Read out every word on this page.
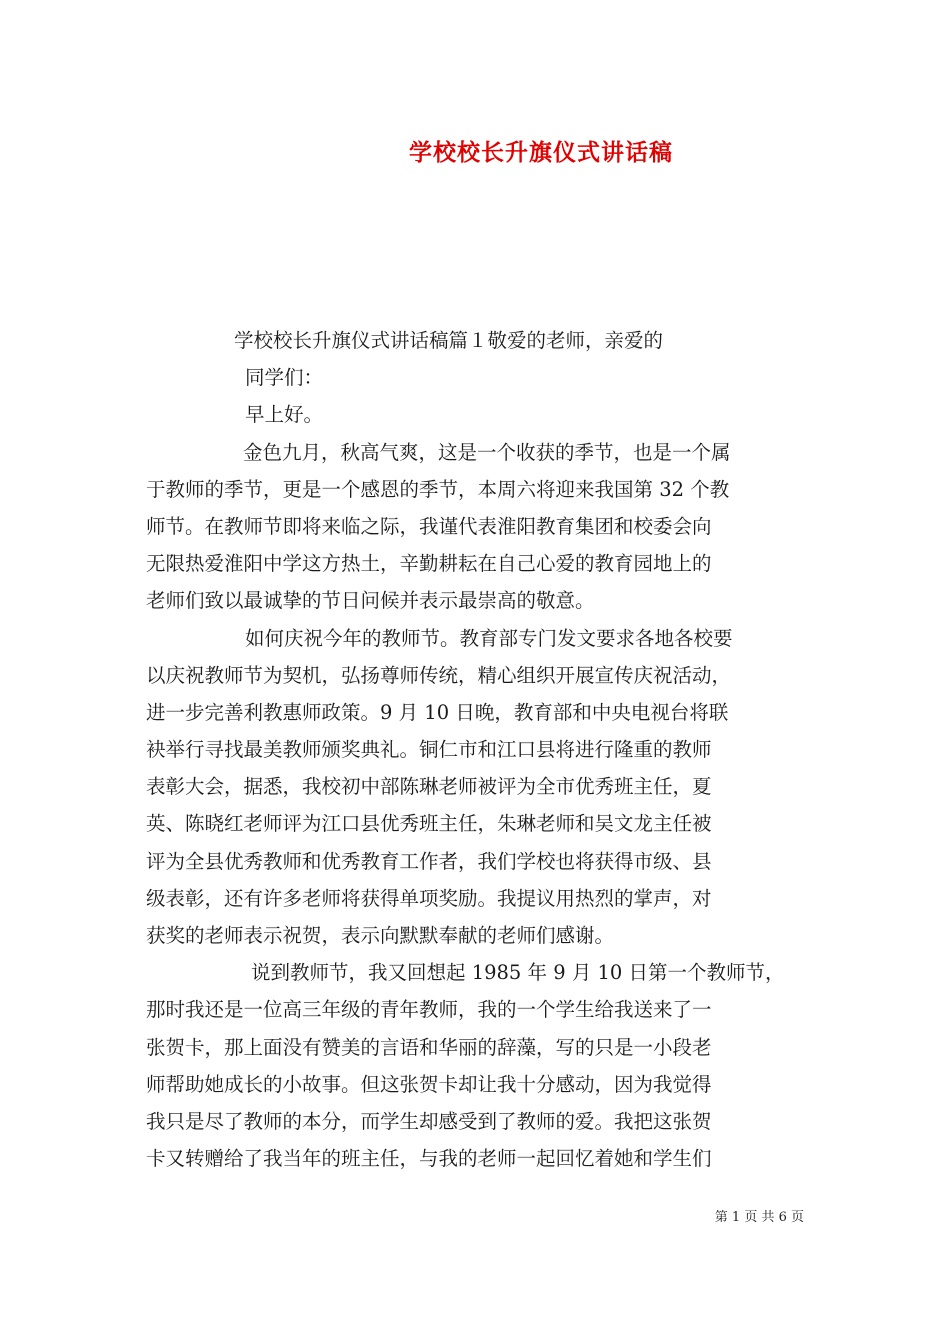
学校校长升旗仪式讲话稿
学校校长升旗仪式讲话稿篇１敬爱的老师，亲爱的
同学们：
早上好。
金色九月，秋高气爽，这是一个收获的季节，也是一个属
于教师的季节，更是一个感恩的季节，本周六将迎来我国第 32 个教
师节。在教师节即将来临之际，我谨代表淮阳教育集团和校委会向
无限热爱淮阳中学这方热土，辛勤耕耘在自己心爱的教育园地上的
老师们致以最诚挚的节日问候并表示最崇高的敬意。
如何庆祝今年的教师节。教育部专门发文要求各地各校要
以庆祝教师节为契机，弘扬尊师传统，精心组织开展宣传庆祝活动，
进一步完善利教惠师政策。9 月 10 日晚，教育部和中央电视台将联
袂举行寻找最美教师颁奖典礼。铜仁市和江口县将进行隆重的教师
表彰大会，据悉，我校初中部陈琳老师被评为全市优秀班主任，夏
英、陈晓红老师评为江口县优秀班主任，朱琳老师和吴文龙主任被
评为全县优秀教师和优秀教育工作者，我们学校也将获得市级、县
级表彰，还有许多老师将获得单项奖励。我提议用热烈的掌声，对
获奖的老师表示祝贺，表示向默默奉献的老师们感谢。
说到教师节，我又回想起 1985 年 9 月 10 日第一个教师节，
那时我还是一位高三年级的青年教师，我的一个学生给我送来了一
张贺卡，那上面没有赞美的言语和华丽的辞藻，写的只是一小段老
师帮助她成长的小故事。但这张贺卡却让我十分感动，因为我觉得
我只是尽了教师的本分，而学生却感受到了教师的爱。我把这张贺
卡又转赠给了我当年的班主任，与我的老师一起回忆着她和学生们
第 1 页 共 6 页
